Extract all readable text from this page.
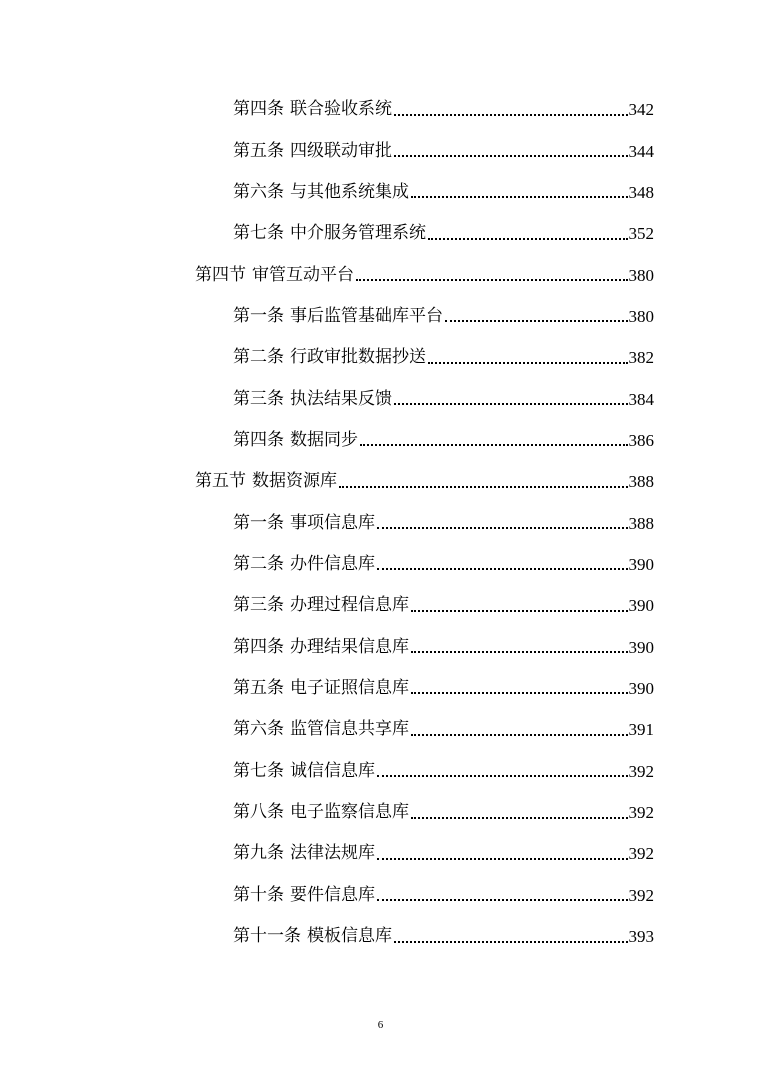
第四条 联合验收系统	342
第五条 四级联动审批	344
第六条 与其他系统集成	348
第七条 中介服务管理系统	352
第四节 审管互动平台	380
第一条 事后监管基础库平台	380
第二条 行政审批数据抄送	382
第三条 执法结果反馈	384
第四条 数据同步	386
第五节 数据资源库	388
第一条 事项信息库	388
第二条 办件信息库	390
第三条 办理过程信息库	390
第四条 办理结果信息库	390
第五条 电子证照信息库	390
第六条 监管信息共享库	391
第七条 诚信信息库	392
第八条 电子监察信息库	392
第九条 法律法规库	392
第十条 要件信息库	392
第十一条 模板信息库	393
6
